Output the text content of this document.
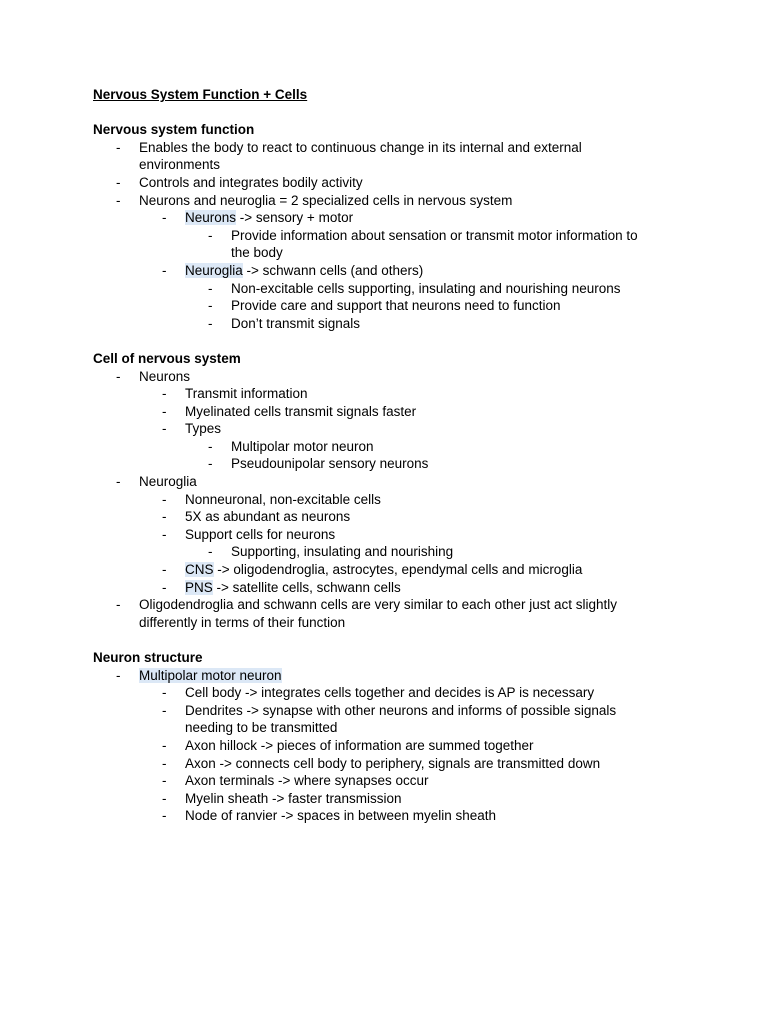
Nervous System Function + Cells
Nervous system function
- Enables the body to react to continuous change in its internal and external environments
- Controls and integrates bodily activity
- Neurons and neuroglia = 2 specialized cells in nervous system
- Neurons -> sensory + motor
- Provide information about sensation or transmit motor information to the body
- Neuroglia -> schwann cells (and others)
- Non-excitable cells supporting, insulating and nourishing neurons
- Provide care and support that neurons need to function
- Don’t transmit signals
Cell of nervous system
- Neurons
- Transmit information
- Myelinated cells transmit signals faster
- Types
- Multipolar motor neuron
- Pseudounipolar sensory neurons
- Neuroglia
- Nonneuronal, non-excitable cells
- 5X as abundant as neurons
- Support cells for neurons
- Supporting, insulating and nourishing
- CNS -> oligodendroglia, astrocytes, ependymal cells and microglia
- PNS -> satellite cells, schwann cells
- Oligodendroglia and schwann cells are very similar to each other just act slightly differently in terms of their function
Neuron structure
- Multipolar motor neuron
- Cell body -> integrates cells together and decides is AP is necessary
- Dendrites -> synapse with other neurons and informs of possible signals needing to be transmitted
- Axon hillock -> pieces of information are summed together
- Axon -> connects cell body to periphery, signals are transmitted down
- Axon terminals -> where synapses occur
- Myelin sheath -> faster transmission
- Node of ranvier -> spaces in between myelin sheath
